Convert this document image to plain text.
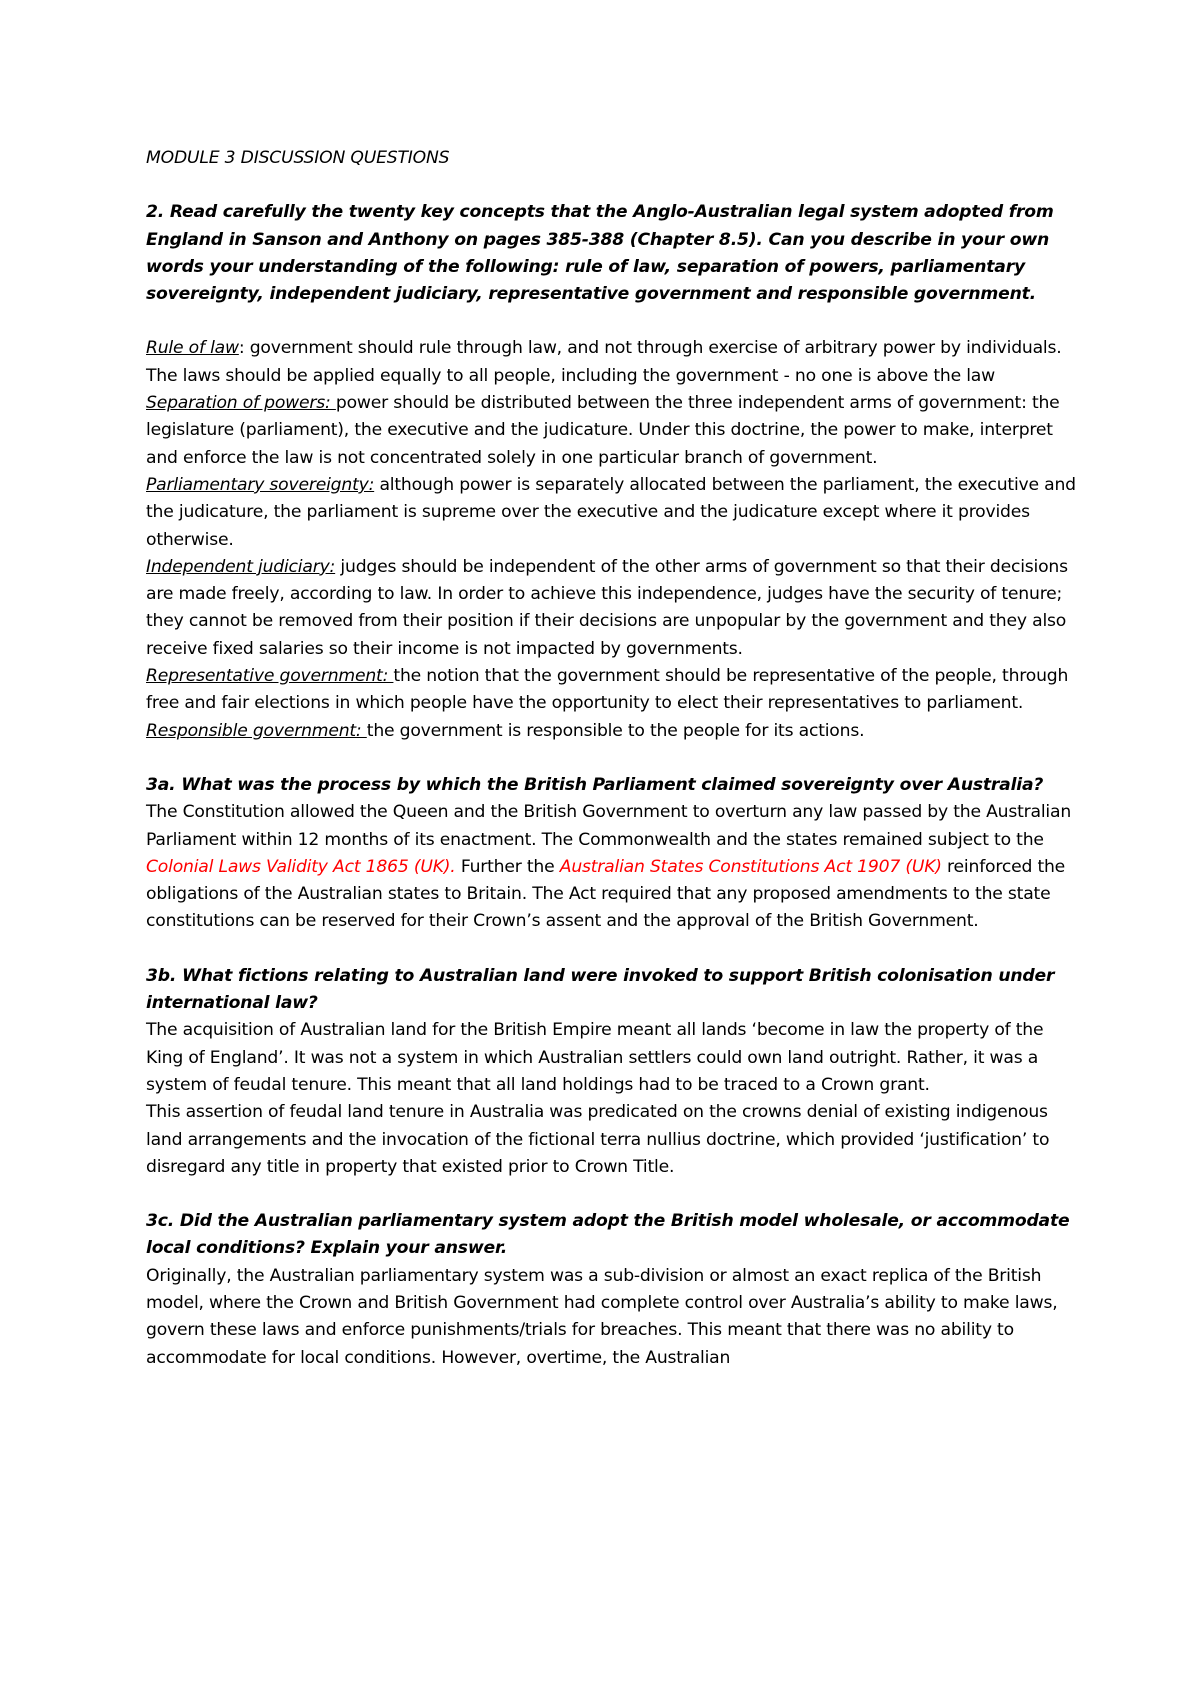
MODULE 3 DISCUSSION QUESTIONS

2. Read carefully the twenty key concepts that the Anglo-Australian legal system adopted from England in Sanson and Anthony on pages 385-388 (Chapter 8.5). Can you describe in your own words your understanding of the following: rule of law, separation of powers, parliamentary sovereignty, independent judiciary, representative government and responsible government.

Rule of law: government should rule through law, and not through exercise of arbitrary power by individuals. The laws should be applied equally to all people, including the government - no one is above the law

Separation of powers: power should be distributed between the three independent arms of government: the legislature (parliament), the executive and the judicature. Under this doctrine, the power to make, interpret and enforce the law is not concentrated solely in one particular branch of government.

Parliamentary sovereignty: although power is separately allocated between the parliament, the executive and the judicature, the parliament is supreme over the executive and the judicature except where it provides otherwise.

Independent judiciary: judges should be independent of the other arms of government so that their decisions are made freely, according to law. In order to achieve this independence, judges have the security of tenure; they cannot be removed from their position if their decisions are unpopular by the government and they also receive fixed salaries so their income is not impacted by governments.

Representative government: the notion that the government should be representative of the people, through free and fair elections in which people have the opportunity to elect their representatives to parliament.

Responsible government: the government is responsible to the people for its actions.

3a. What was the process by which the British Parliament claimed sovereignty over Australia?

The Constitution allowed the Queen and the British Government to overturn any law passed by the Australian Parliament within 12 months of its enactment. The Commonwealth and the states remained subject to the Colonial Laws Validity Act 1865 (UK). Further the Australian States Constitutions Act 1907 (UK) reinforced the obligations of the Australian states to Britain. The Act required that any proposed amendments to the state constitutions can be reserved for their Crown’s assent and the approval of the British Government.

3b. What fictions relating to Australian land were invoked to support British colonisation under international law?

The acquisition of Australian land for the British Empire meant all lands ‘become in law the property of the King of England’. It was not a system in which Australian settlers could own land outright. Rather, it was a system of feudal tenure. This meant that all land holdings had to be traced to a Crown grant.

This assertion of feudal land tenure in Australia was predicated on the crowns denial of existing indigenous land arrangements and the invocation of the fictional terra nullius doctrine, which provided ‘justification’ to disregard any title in property that existed prior to Crown Title.

3c. Did the Australian parliamentary system adopt the British model wholesale, or accommodate local conditions? Explain your answer.

Originally, the Australian parliamentary system was a sub-division or almost an exact replica of the British model, where the Crown and British Government had complete control over Australia’s ability to make laws, govern these laws and enforce punishments/trials for breaches. This meant that there was no ability to accommodate for local conditions. However, overtime, the Australian
